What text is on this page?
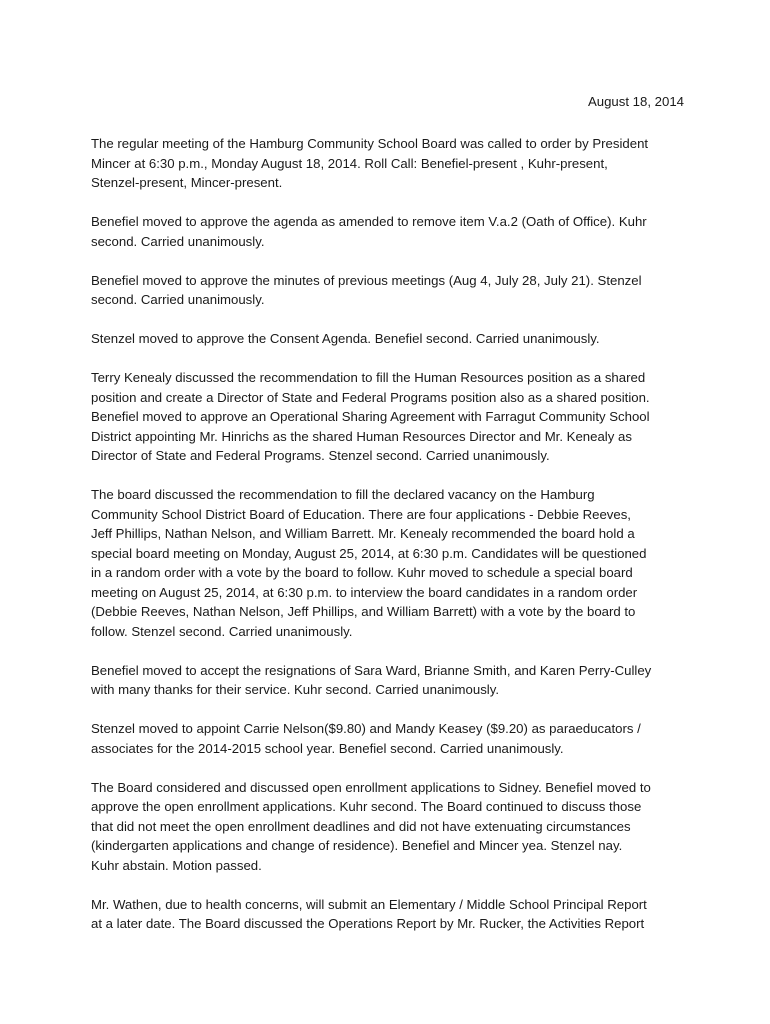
August 18, 2014

The regular meeting of the Hamburg Community School Board was called to order by President
Mincer at 6:30 p.m., Monday August 18, 2014. Roll Call: Benefiel-present , Kuhr-present,
Stenzel-present, Mincer-present.

Benefiel moved to approve the agenda as amended to remove item V.a.2 (Oath of Office). Kuhr
second. Carried unanimously.

Benefiel moved to approve the minutes of previous meetings (Aug 4, July 28, July 21). Stenzel
second. Carried unanimously.

Stenzel moved to approve the Consent Agenda. Benefiel second. Carried unanimously.

Terry Kenealy discussed the recommendation to fill the Human Resources position as a shared
position and create a Director of State and Federal Programs position also as a shared position.
Benefiel moved to approve an Operational Sharing Agreement with Farragut Community School
District appointing Mr. Hinrichs as the shared Human Resources Director and Mr. Kenealy as
Director of State and Federal Programs. Stenzel second. Carried unanimously.

The board discussed the recommendation to fill the declared vacancy on the Hamburg
Community School District Board of Education. There are four applications - Debbie Reeves,
Jeff Phillips, Nathan Nelson, and William Barrett. Mr. Kenealy recommended the board hold a
special board meeting on Monday, August 25, 2014, at 6:30 p.m. Candidates will be questioned
in a random order with a vote by the board to follow. Kuhr moved to schedule a special board
meeting on August 25, 2014, at 6:30 p.m. to interview the board candidates in a random order
(Debbie Reeves, Nathan Nelson, Jeff Phillips, and William Barrett) with a vote by the board to
follow. Stenzel second. Carried unanimously.

Benefiel moved to accept the resignations of Sara Ward, Brianne Smith, and Karen Perry-Culley
with many thanks for their service. Kuhr second. Carried unanimously.

Stenzel moved to appoint Carrie Nelson($9.80) and Mandy Keasey ($9.20) as paraeducators /
associates for the 2014-2015 school year. Benefiel second. Carried unanimously.

The Board considered and discussed open enrollment applications to Sidney. Benefiel moved to
approve the open enrollment applications. Kuhr second. The Board continued to discuss those
that did not meet the open enrollment deadlines and did not have extenuating circumstances
(kindergarten applications and change of residence). Benefiel and Mincer yea. Stenzel nay.
Kuhr abstain. Motion passed.

Mr. Wathen, due to health concerns, will submit an Elementary / Middle School Principal Report
at a later date. The Board discussed the Operations Report by Mr. Rucker, the Activities Report
